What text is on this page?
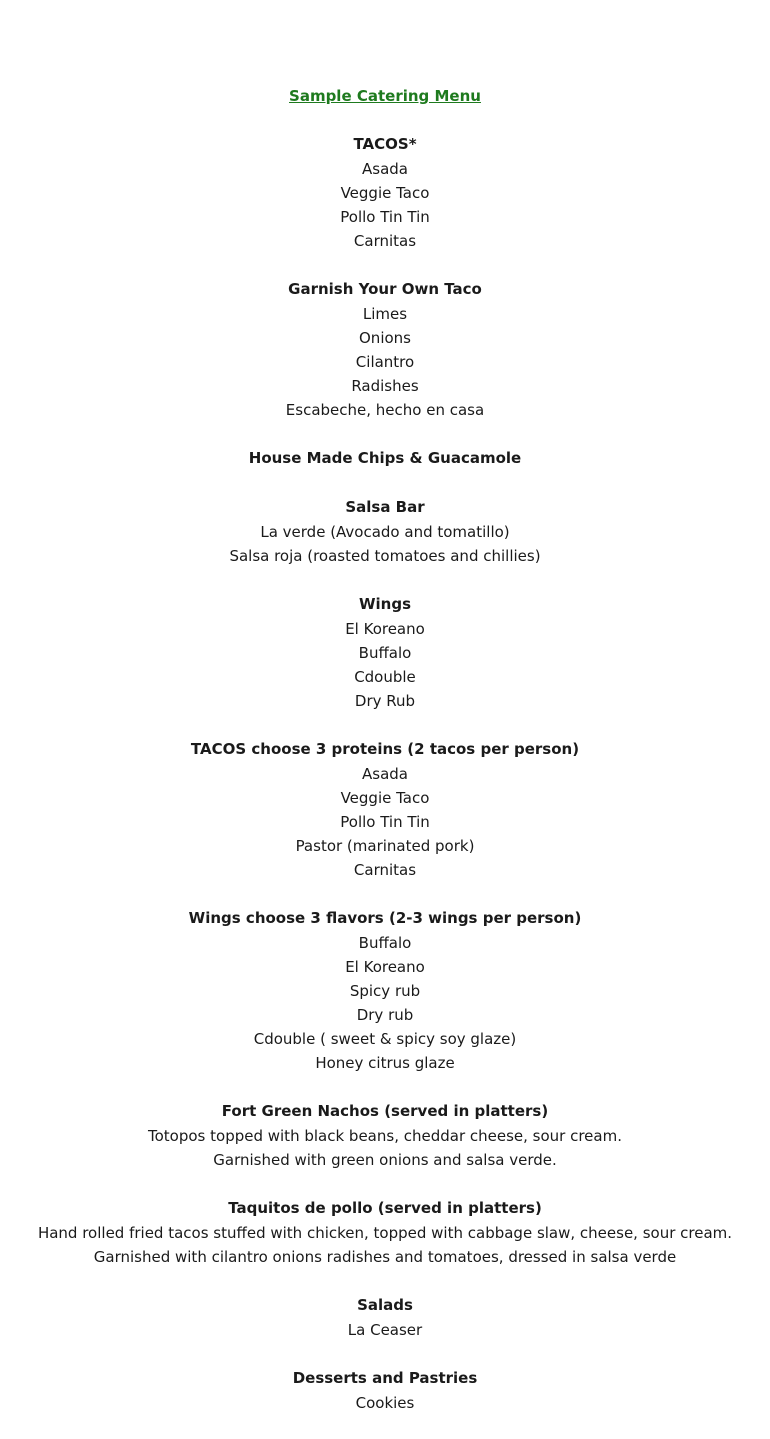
Sample Catering Menu
TACOS*
Asada
Veggie Taco
Pollo Tin Tin
Carnitas
Garnish Your Own Taco
Limes
Onions
Cilantro
Radishes
Escabeche, hecho en casa
House Made Chips & Guacamole
Salsa Bar
La verde (Avocado and tomatillo)
Salsa roja (roasted tomatoes and chillies)
Wings
El Koreano
Buffalo
Cdouble
Dry Rub
TACOS choose 3 proteins (2 tacos per person)
Asada
Veggie Taco
Pollo Tin Tin
Pastor (marinated pork)
Carnitas
Wings choose 3 flavors (2-3 wings per person)
Buffalo
El Koreano
Spicy rub
Dry rub
Cdouble ( sweet & spicy soy glaze)
Honey citrus glaze
Fort Green Nachos (served in platters)
Totopos topped with black beans, cheddar cheese, sour cream.
Garnished with green onions and salsa verde.
Taquitos de pollo (served in platters)
Hand rolled fried tacos stuffed with chicken, topped with cabbage slaw, cheese, sour cream.
Garnished with cilantro onions radishes and tomatoes, dressed in salsa verde
Salads
La Ceaser
Desserts and Pastries
Cookies
